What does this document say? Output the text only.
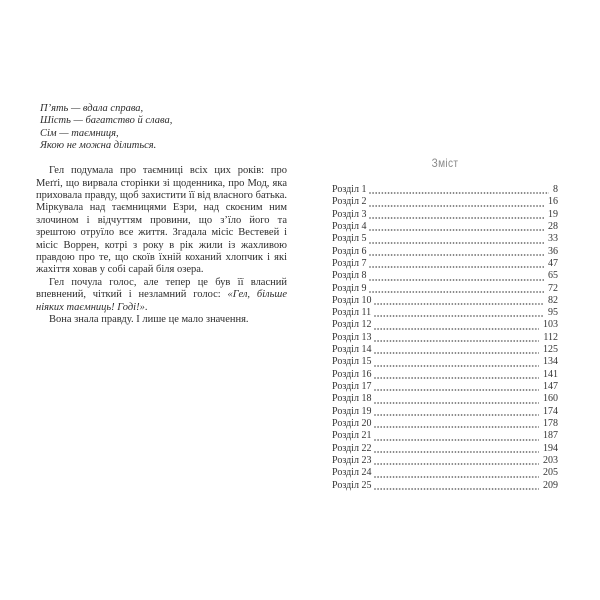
П’ять — вдала справа,
Шість — багатство й слава,
Сім — таємниця,
Якою не можна ділиться.

Гел подумала про таємниці всіх цих років: про Меґґі, що вирвала сторінки зі щоденника, про Мод, яка приховала правду, щоб захистити її від власного батька. Міркувала над таємницями Езри, над скоєним ним злочином і відчуттям провини, що з’їло його та зрештою отруїло все життя. Згадала місіс Вестевей і місіс Воррен, котрі з року в рік жили із жахливою правдою про те, що скоїв їхній коханий хлопчик і які жахіття ховав у собі сарай біля озера.

Гел почула голос, але тепер це був її власний впевнений, чіткий і незламний голос: «Гел, більше ніяких таємниць! Годі!».

Вона знала правду. І лише це мало значення.

Зміст
Розділ 1	8
Розділ 2	16
Розділ 3	19
Розділ 4	28
Розділ 5	33
Розділ 6	36
Розділ 7	47
Розділ 8	65
Розділ 9	72
Розділ 10	82
Розділ 11	95
Розділ 12	103
Розділ 13	112
Розділ 14	125
Розділ 15	134
Розділ 16	141
Розділ 17	147
Розділ 18	160
Розділ 19	174
Розділ 20	178
Розділ 21	187
Розділ 22	194
Розділ 23	203
Розділ 24	205
Розділ 25	209
